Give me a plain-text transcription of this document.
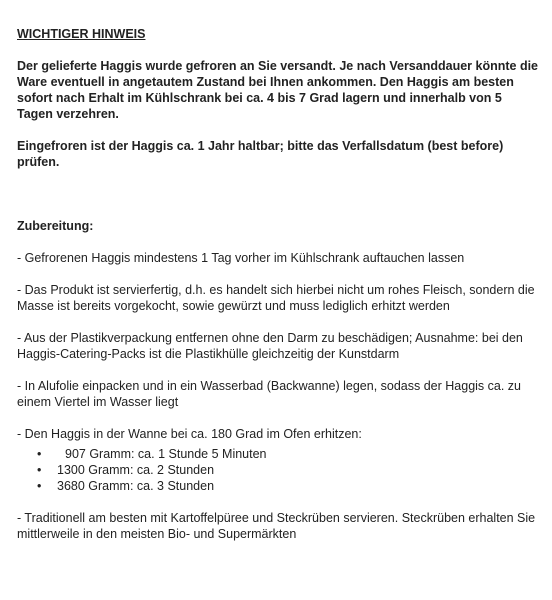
WICHTIGER HINWEIS

Der gelieferte Haggis wurde gefroren an Sie versandt. Je nach Versanddauer könnte die Ware eventuell in angetautem Zustand bei Ihnen ankommen. Den Haggis am besten sofort nach Erhalt im Kühlschrank bei ca. 4 bis 7 Grad lagern und innerhalb von 5 Tagen verzehren.

Eingefroren ist der Haggis ca. 1 Jahr haltbar; bitte das Verfallsdatum (best before) prüfen.

Zubereitung:

- Gefrorenen Haggis mindestens 1 Tag vorher im Kühlschrank auftauchen lassen

- Das Produkt ist servierfertig, d.h. es handelt sich hierbei nicht um rohes Fleisch, sondern die Masse ist bereits vorgekocht, sowie gewürzt und muss lediglich erhitzt werden

- Aus der Plastikverpackung entfernen ohne den Darm zu beschädigen; Ausnahme: bei den Haggis-Catering-Packs ist die Plastikhülle gleichzeitig der Kunstdarm

- In Alufolie einpacken und in ein Wasserbad (Backwanne) legen, sodass der Haggis ca. zu einem Viertel im Wasser liegt

- Den Haggis in der Wanne bei ca. 180 Grad im Ofen erhitzen:

• 907 Gramm: ca. 1 Stunde 5 Minuten
• 1300 Gramm: ca. 2 Stunden
• 3680 Gramm: ca. 3 Stunden

- Traditionell am besten mit Kartoffelpüree und Steckrüben servieren. Steckrüben erhalten Sie mittlerweile in den meisten Bio- und Supermärkten
